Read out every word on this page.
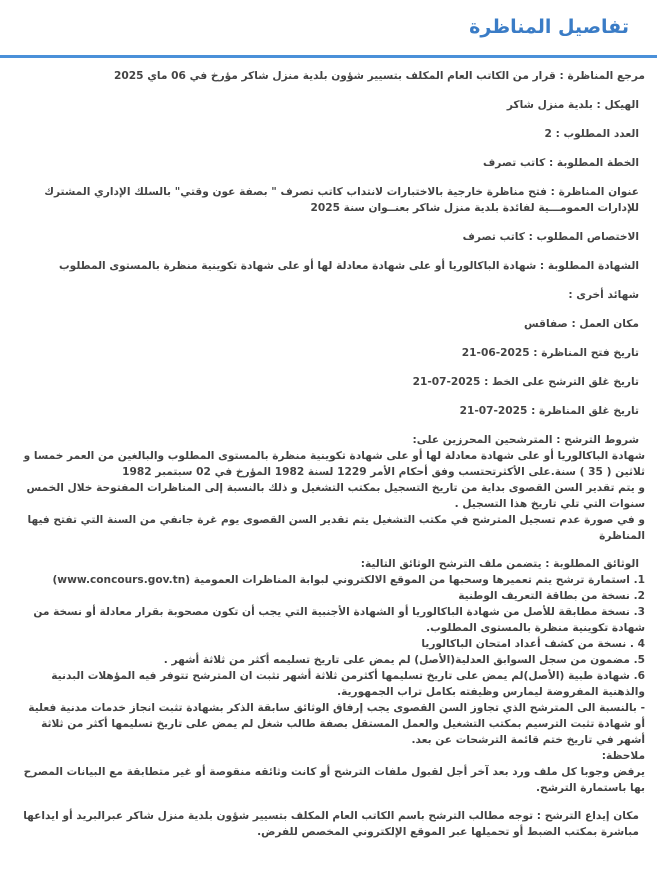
تفاصيل المناظرة
مرجع المناظرة : قرار من الكاتب العام المكلف بتسيير شؤون بلدية منزل شاكر مؤرخ في 06 ماي 2025
الهيكل : بلدية منزل شاكر
العدد المطلوب : 2
الخطة المطلوبة : كاتب تصرف
عنوان المناظرة : فتح مناظرة خارجية بالاختبارات لانتداب كاتب تصرف " بصفة عون وقتي" بالسلك الإداري المشترك للإدارات العمومـــية لفائدة بلدية منزل شاكر بعنــوان سنة 2025
الاختصاص المطلوب : كاتب تصرف
الشهادة المطلوبة : شهادة الباكالوريا أو على شهادة معادلة لها أو على شهادة تكوينية منظرة بالمستوى المطلوب
شهائد أخرى :
مكان العمل : صفاقس
تاريخ فتح المناظرة : 2025-06-21
تاريخ غلق الترشح على الخط : 2025-07-21
تاريخ غلق المناظرة : 2025-07-21
شروط الترشح : المترشحين المحرزين على:
شهادة الباكالوريا أو على شهادة معادلة لها أو على شهادة تكوينية منظرة بالمستوى المطلوب والبالغين من العمر خمسا و ثلاثين ( 35 ) سنة.على الأكثرتحتسب وفق أحكام الأمر 1229 لسنة 1982 المؤرخ في 02 سبتمبر 1982
و يتم تقدير السن القصوى بداية من تاريخ التسجيل بمكتب التشغيل و ذلك بالنسبة إلى المناظرات المفتوحة خلال الخمس سنوات التي تلي تاريخ هذا التسجيل .
و في صورة عدم تسجيل المترشح في مكتب التشغيل يتم تقدير السن القصوى يوم غرة جانفي من السنة التي تفتح فيها المناظرة
الوثائق المطلوبة : يتضمن ملف الترشح الوثائق التالية:
1. استمارة ترشح يتم تعميرها وسحبها من الموقع الالكتروني لبوابة المناظرات العمومية (www.concours.gov.tn)
2. نسخة من بطاقة التعريف الوطنية
3. نسخة مطابقة للأصل من شهادة الباكالوريا أو الشهادة الأجنبية التي يجب أن تكون مصحوبة بقرار معادلة أو نسخة من شهادة تكوينية منظرة بالمستوى المطلوب.
4 . نسخة من كشف أعداد امتحان الباكالوريا
5. مضمون من سجل السوابق العدلية(الأصل) لم يمض على تاريخ تسليمه أكثر من ثلاثة أشهر .
6. شهادة طبية (الأصل)لم يمض على تاريخ تسليمها أكثرمن ثلاثة أشهر تثبت ان المترشح تتوفر فيه المؤهلات البدنية والذهنية المفروضة ليمارس وظيفته بكامل تراب الجمهورية.
- بالنسبة الى المترشح الذي تجاوز السن القصوى يجب إرفاق الوثائق سابقة الذكر بشهادة تثبت انجاز خدمات مدنية فعلية أو شهادة تثبت الترسيم بمكتب التشغيل والعمل المستقل بصفة طالب شغل لم يمض على تاريخ تسليمها أكثر من ثلاثة أشهر في تاريخ ختم قائمة الترشحات عن بعد.
ملاحظة:
يرفض وجوبا كل ملف ورد بعد آخر أجل لقبول ملفات الترشح أو كانت وثائقه منقوصة أو غير متطابقة مع البيانات المصرح بها باستمارة الترشح.
مكان إيداع الترشح : توجه مطالب الترشح باسم الكاتب العام المكلف بتسيير شؤون بلدية منزل شاكر عبرالبريد أو ايداعها مباشرة بمكتب الضبط أو تحميلها عبر الموقع الإلكتروني المخصص للفرض.
